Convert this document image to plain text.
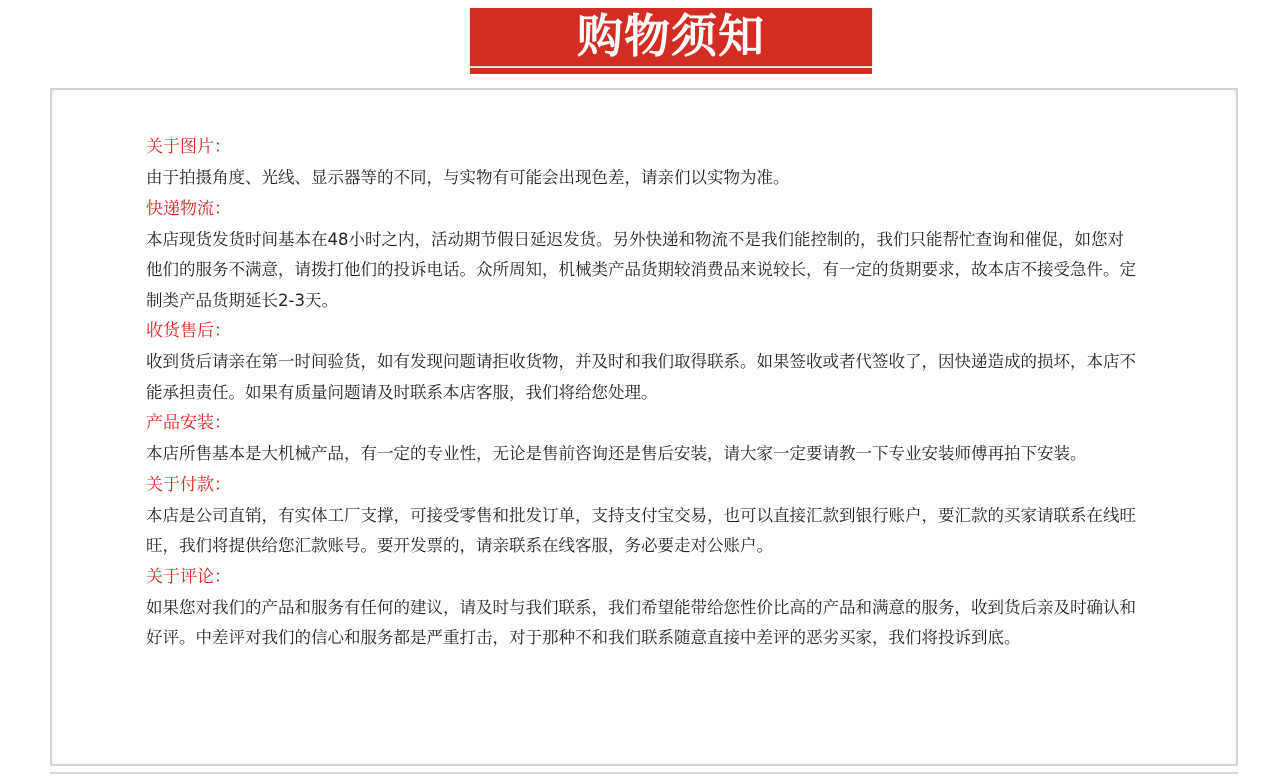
购物须知

关于图片：

由于拍摄角度、光线、显示器等的不同，与实物有可能会出现色差，请亲们以实物为准。

快递物流：

本店现货发货时间基本在48小时之内，活动期节假日延迟发货。另外快递和物流不是我们能控制的，我们只能帮忙查询和催促，如您对他们的服务不满意，请拨打他们的投诉电话。众所周知，机械类产品货期较消费品来说较长，有一定的货期要求，故本店不接受急件。定制类产品货期延长2-3天。

收货售后：

收到货后请亲在第一时间验货，如有发现问题请拒收货物，并及时和我们取得联系。如果签收或者代签收了，因快递造成的损坏，本店不能承担责任。如果有质量问题请及时联系本店客服，我们将给您处理。

产品安装：

本店所售基本是大机械产品，有一定的专业性，无论是售前咨询还是售后安装，请大家一定要请教一下专业安装师傅再拍下安装。

关于付款：

本店是公司直销，有实体工厂支撑，可接受零售和批发订单，支持支付宝交易，也可以直接汇款到银行账户，要汇款的买家请联系在线旺旺，我们将提供给您汇款账号。要开发票的，请亲联系在线客服，务必要走对公账户。

关于评论：

如果您对我们的产品和服务有任何的建议，请及时与我们联系，我们希望能带给您性价比高的产品和满意的服务，收到货后亲及时确认和好评。中差评对我们的信心和服务都是严重打击，对于那种不和我们联系随意直接中差评的恶劣买家，我们将投诉到底。
